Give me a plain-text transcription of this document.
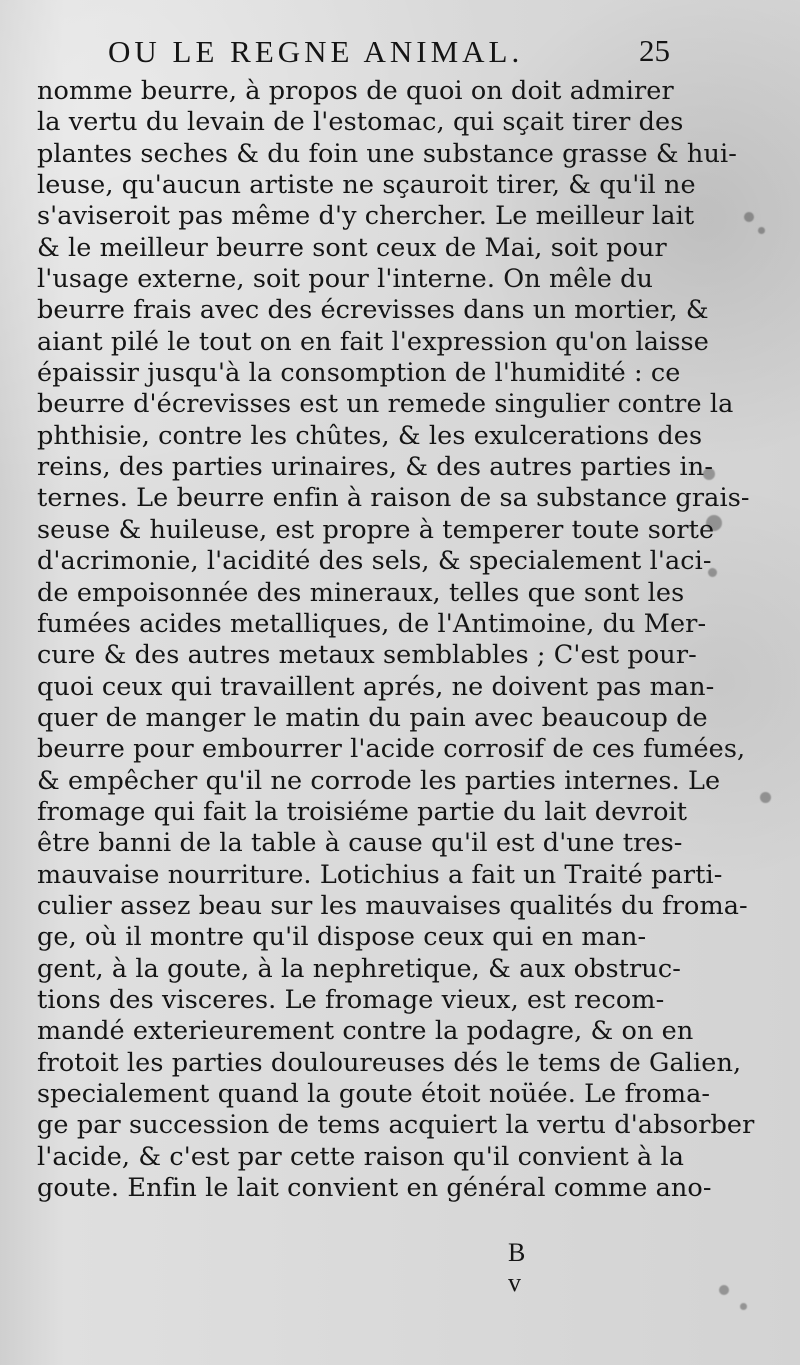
OU LE REGNE ANIMAL.	25
nomme beurre, à propos de quoi on doit admirer
la vertu du levain de l'estomac, qui sçait tirer des
plantes seches & du foin une substance grasse & hui-
leuse, qu'aucun artiste ne sçauroit tirer, & qu'il ne
s'aviseroit pas même d'y chercher. Le meilleur lait
& le meilleur beurre sont ceux de Mai, soit pour
l'usage externe, soit pour l'interne. On mêle du
beurre frais avec des écrevisses dans un mortier, &
aiant pilé le tout on en fait l'expression qu'on laisse
épaissir jusqu'à la consomption de l'humidité : ce
beurre d'écrevisses est un remede singulier contre la
phthisie, contre les chûtes, & les exulcerations des
reins, des parties urinaires, & des autres parties in-
ternes. Le beurre enfin à raison de sa substance grais-
seuse & huileuse, est propre à temperer toute sorte
d'acrimonie, l'acidité des sels, & specialement l'aci-
de empoisonnée des mineraux, telles que sont les
fumées acides metalliques, de l'Antimoine, du Mer-
cure & des autres metaux semblables ; C'est pour-
quoi ceux qui travaillent aprés, ne doivent pas man-
quer de manger le matin du pain avec beaucoup de
beurre pour embourrer l'acide corrosif de ces fumées,
& empêcher qu'il ne corrode les parties internes. Le
fromage qui fait la troisiéme partie du lait devroit
être banni de la table à cause qu'il est d'une tres-
mauvaise nourriture. Lotichius a fait un Traité parti-
culier assez beau sur les mauvaises qualités du froma-
ge, où il montre qu'il dispose ceux qui en man-
gent, à la goute, à la nephretique, & aux obstruc-
tions des visceres. Le fromage vieux, est recom-
mandé exterieurement contre la podagre, & on en
frotoit les parties douloureuses dés le tems de Galien,
specialement quand la goute étoit noüée. Le froma-
ge par succession de tems acquiert la vertu d'absorber
l'acide, & c'est par cette raison qu'il convient à la
goute. Enfin le lait convient en général comme ano-
B v
